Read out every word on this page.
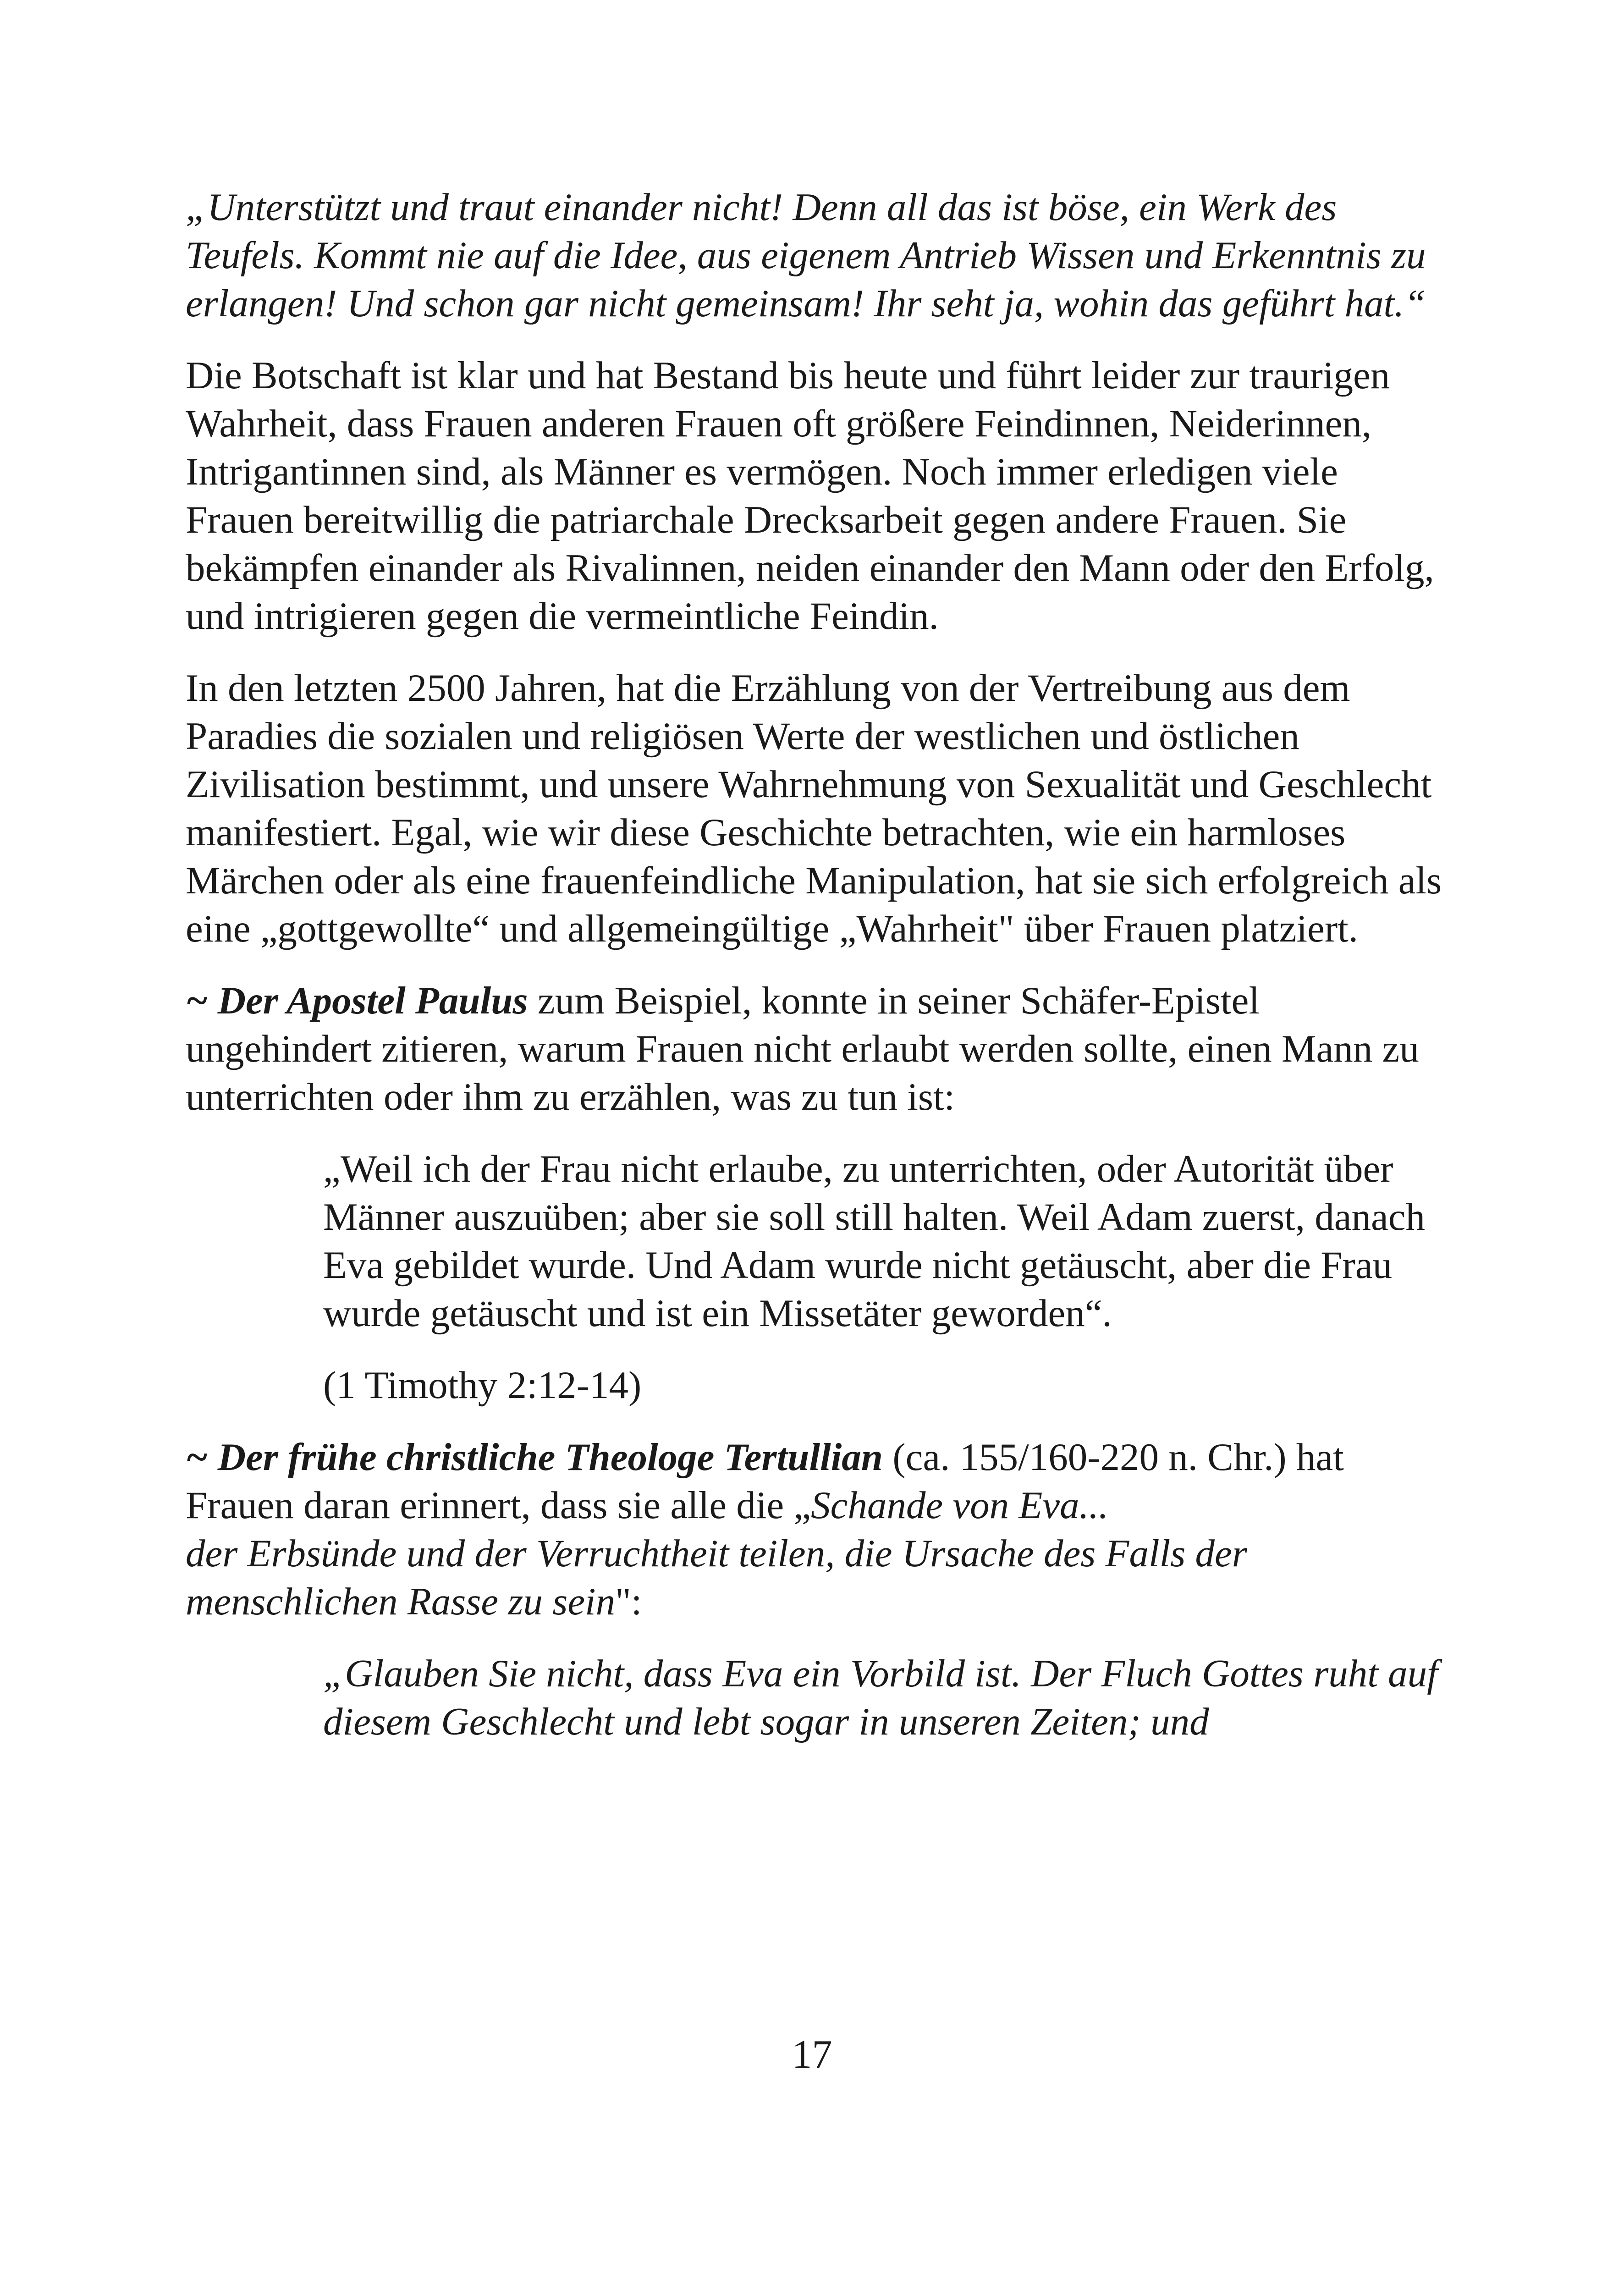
„Unterstützt und traut einander nicht! Denn all das ist böse, ein Werk des Teufels. Kommt nie auf die Idee, aus eigenem Antrieb Wissen und Erkenntnis zu erlangen! Und schon gar nicht gemeinsam! Ihr seht ja, wohin das geführt hat.“

Die Botschaft ist klar und hat Bestand bis heute und führt leider zur traurigen Wahrheit, dass Frauen anderen Frauen oft größere Feindinnen, Neiderinnen, Intrigantinnen sind, als Männer es vermögen. Noch immer erledigen viele Frauen bereitwillig die patriarchale Drecksarbeit gegen andere Frauen. Sie bekämpfen einander als Rivalinnen, neiden einander den Mann oder den Erfolg, und intrigieren gegen die vermeintliche Feindin.

In den letzten 2500 Jahren, hat die Erzählung von der Vertreibung aus dem Paradies die sozialen und religiösen Werte der westlichen und östlichen Zivilisation bestimmt, und unsere Wahrnehmung von Sexualität und Geschlecht manifestiert. Egal, wie wir diese Geschichte betrachten, wie ein harmloses Märchen oder als eine frauenfeindliche Manipulation, hat sie sich erfolgreich als eine „gottgewollte“ und allgemeingültige „Wahrheit" über Frauen platziert.

~ Der Apostel Paulus zum Beispiel, konnte in seiner Schäfer-Epistel ungehindert zitieren, warum Frauen nicht erlaubt werden sollte, einen Mann zu unterrichten oder ihm zu erzählen, was zu tun ist:

„Weil ich der Frau nicht erlaube, zu unterrichten, oder Autorität über Männer auszuüben; aber sie soll still halten. Weil Adam zuerst, danach Eva gebildet wurde. Und Adam wurde nicht getäuscht, aber die Frau wurde getäuscht und ist ein Missetäter geworden“.

(1 Timothy 2:12-14)

~ Der frühe christliche Theologe Tertullian (ca. 155/160-220 n. Chr.) hat Frauen daran erinnert, dass sie alle die „Schande von Eva...
der Erbsünde und der Verruchtheit teilen, die Ursache des Falls der menschlichen Rasse zu sein":

„Glauben Sie nicht, dass Eva ein Vorbild ist. Der Fluch Gottes ruht auf diesem Geschlecht und lebt sogar in unseren Zeiten; und

17
